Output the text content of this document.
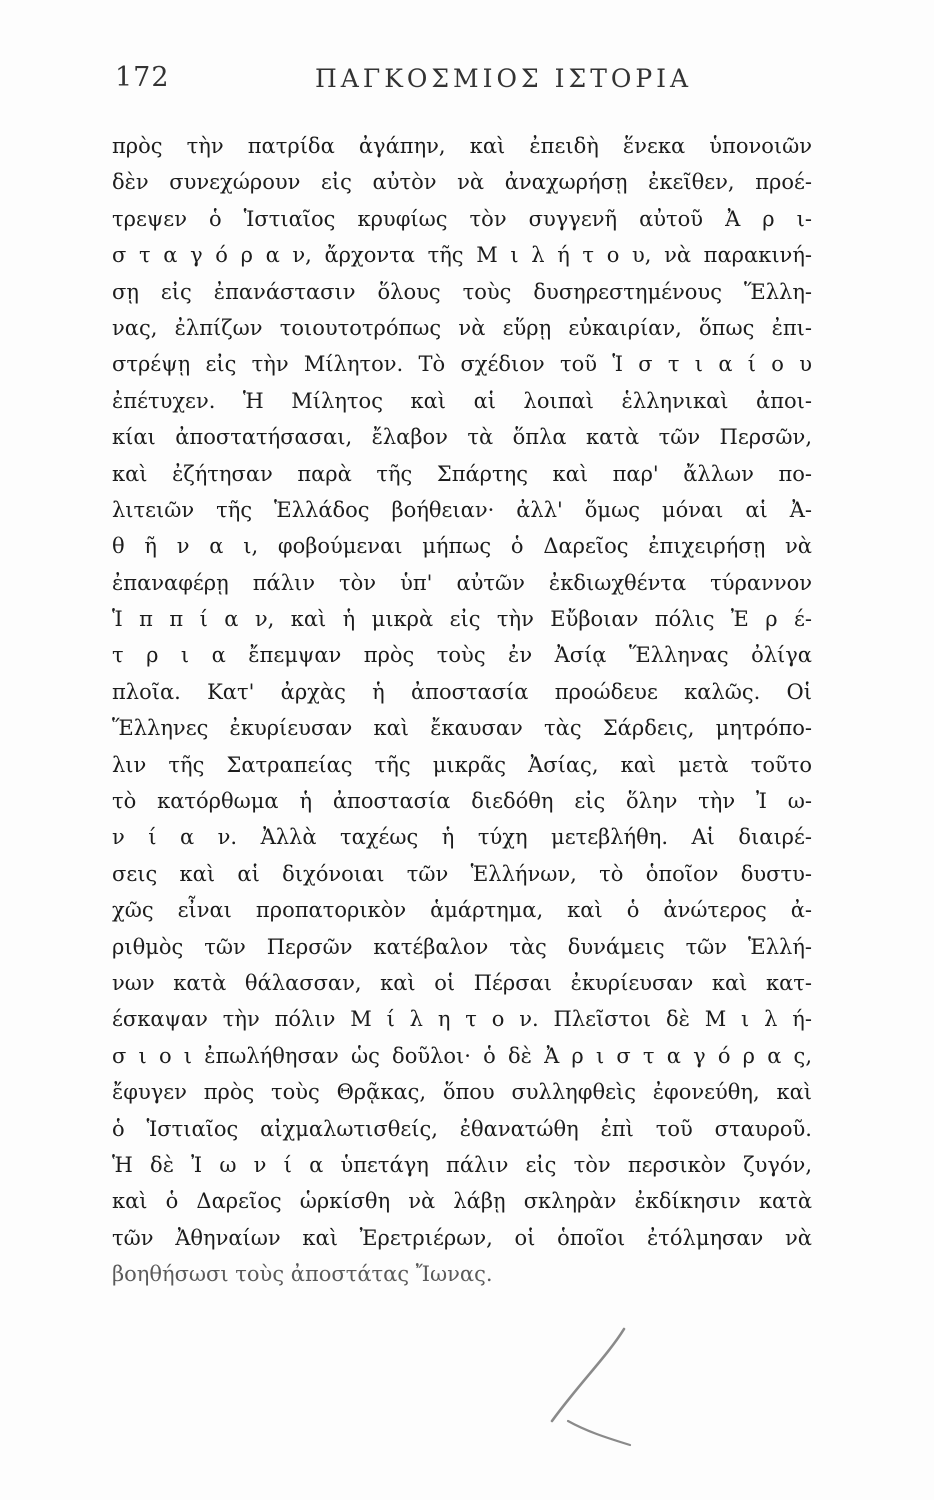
172	ΠΑΓΚΟΣΜΙΟΣ ΙΣΤΟΡΙΑ
πρὸς τὴν πατρίδα ἀγάπην, καὶ ἐπειδὴ ἕνεκα ὑπονοιῶν
δὲν συνεχώρουν εἰς αὐτὸν νὰ ἀναχωρήσῃ ἐκεῖθεν, προέ-
τρεψεν ὁ Ἱστιαῖος κρυφίως τὸν συγγενῆ αὐτοῦ Ἀ ρ ι-
σ τ α γ ό ρ α ν, ἄρχοντα τῆς Μ ι λ ή τ ο υ, νὰ παρακινή-
σῃ εἰς ἐπανάστασιν ὅλους τοὺς δυσηρεστημένους Ἕλλη-
νας, ἐλπίζων τοιουτοτρόπως νὰ εὕρῃ εὐκαιρίαν, ὅπως ἐπι-
στρέψῃ εἰς τὴν Μίλητον. Τὸ σχέδιον τοῦ Ἱ σ τ ι α ί ο υ
ἐπέτυχεν. Ἡ Μίλητος καὶ αἱ λοιπαὶ ἑλληνικαὶ ἀποι-
κίαι ἀποστατήσασαι, ἔλαβον τὰ ὅπλα κατὰ τῶν Περσῶν,
καὶ ἐζήτησαν παρὰ τῆς Σπάρτης καὶ παρ' ἄλλων πο-
λιτειῶν τῆς Ἑλλάδος βοήθειαν· ἀλλ' ὅμως μόναι αἱ Ἀ-
θ ῆ ν α ι, φοβούμεναι μήπως ὁ Δαρεῖος ἐπιχειρήσῃ νὰ
ἐπαναφέρῃ πάλιν τὸν ὑπ' αὐτῶν ἐκδιωχθέντα τύραννον
Ἱ π π ί α ν, καὶ ἡ μικρὰ εἰς τὴν Εὔβοιαν πόλις Ἐ ρ έ-
τ ρ ι α ἔπεμψαν πρὸς τοὺς ἐν Ἀσίᾳ Ἕλληνας ὀλίγα
πλοῖα. Κατ' ἀρχὰς ἡ ἀποστασία προώδευε καλῶς. Οἱ
Ἕλληνες ἐκυρίευσαν καὶ ἔκαυσαν τὰς Σάρδεις, μητρόπο-
λιν τῆς Σατραπείας τῆς μικρᾶς Ἀσίας, καὶ μετὰ τοῦτο
τὸ κατόρθωμα ἡ ἀποστασία διεδόθη εἰς ὅλην τὴν Ἰ ω-
ν ί α ν. Ἀλλὰ ταχέως ἡ τύχη μετεβλήθη. Αἱ διαιρέ-
σεις καὶ αἱ διχόνοιαι τῶν Ἑλλήνων, τὸ ὁποῖον δυστυ-
χῶς εἶναι προπατορικὸν ἁμάρτημα, καὶ ὁ ἀνώτερος ἀ-
ριθμὸς τῶν Περσῶν κατέβαλον τὰς δυνάμεις τῶν Ἑλλή-
νων κατὰ θάλασσαν, καὶ οἱ Πέρσαι ἐκυρίευσαν καὶ κατ-
έσκαψαν τὴν πόλιν Μ ί λ η τ ο ν. Πλεῖστοι δὲ Μ ι λ ή-
σ ι ο ι ἐπωλήθησαν ὡς δοῦλοι· ὁ δὲ Ἀ ρ ι σ τ α γ ό ρ α ς,
ἔφυγεν πρὸς τοὺς Θρᾷκας, ὅπου συλληφθεὶς ἐφονεύθη, καὶ
ὁ Ἱστιαῖος αἰχμαλωτισθείς, ἐθανατώθη ἐπὶ τοῦ σταυροῦ.
Ἡ δὲ Ἰ ω ν ί α ὑπετάγη πάλιν εἰς τὸν περσικὸν ζυγόν,
καὶ ὁ Δαρεῖος ὡρκίσθη νὰ λάβῃ σκληρὰν ἐκδίκησιν κατὰ
τῶν Ἀθηναίων καὶ Ἐρετριέρων, οἱ ὁποῖοι ἐτόλμησαν νὰ
βοηθήσωσι τοὺς ἀποστάτας Ἴωνας.
